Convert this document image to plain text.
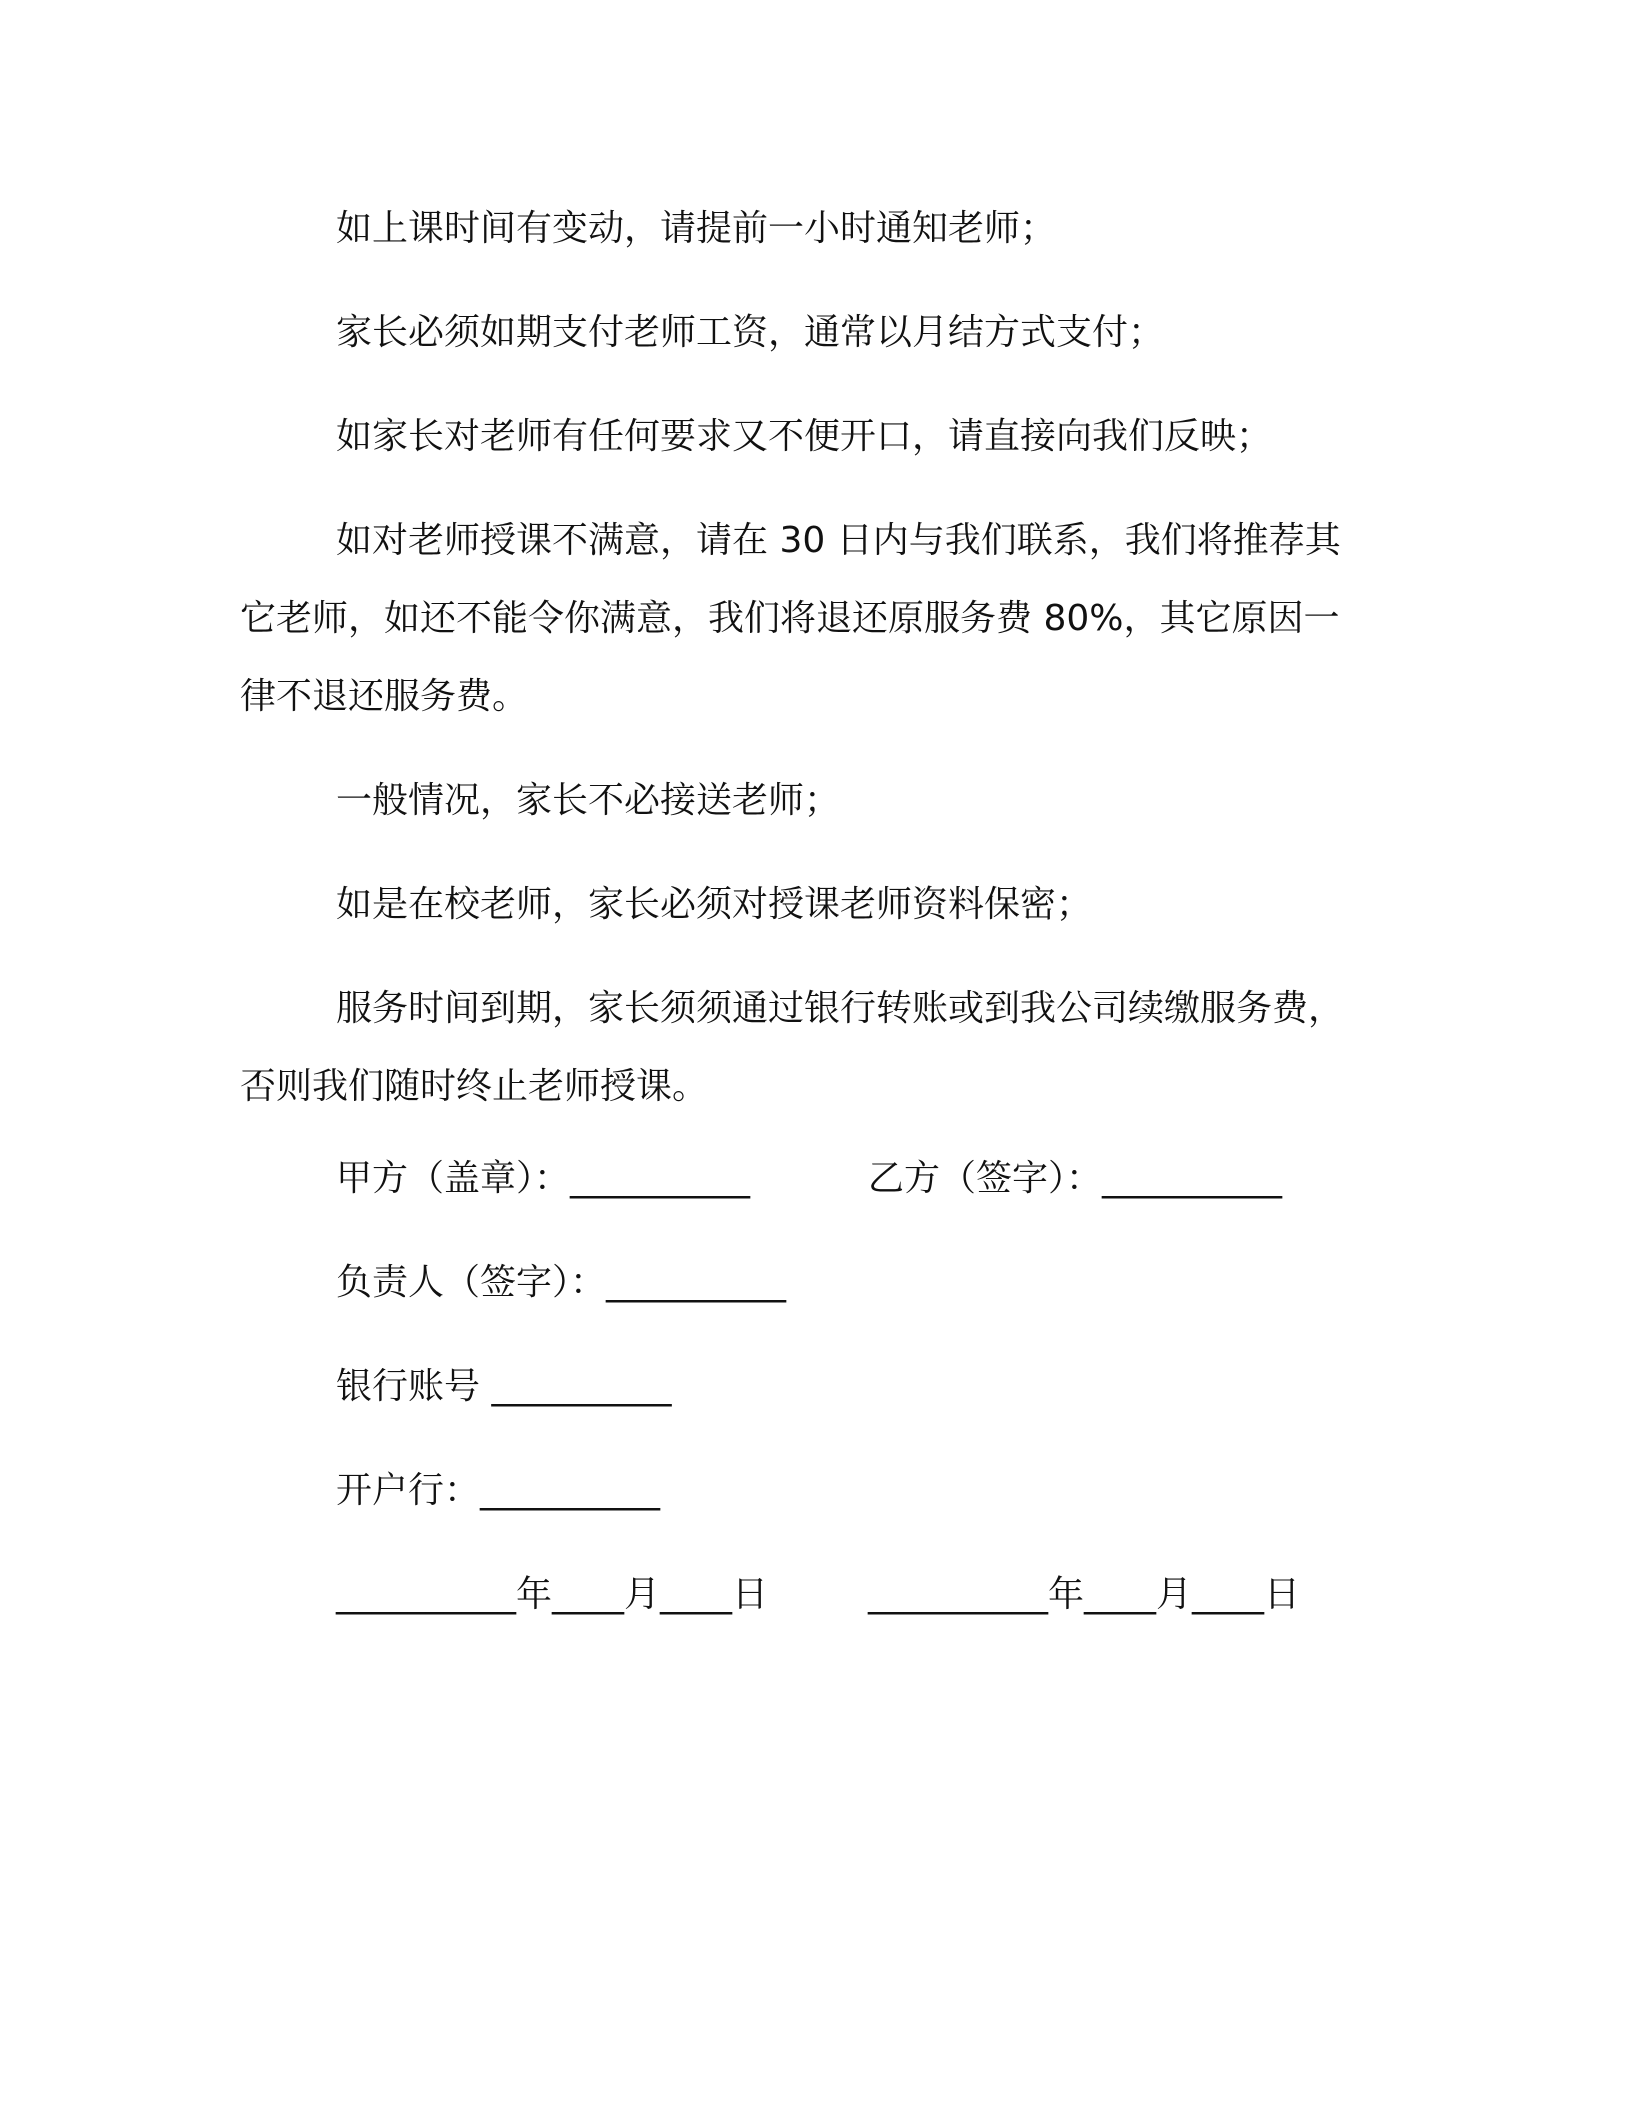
如上课时间有变动，请提前一小时通知老师；

家长必须如期支付老师工资，通常以月结方式支付；

如家长对老师有任何要求又不便开口，请直接向我们反映；

如对老师授课不满意，请在 30 日内与我们联系，我们将推荐其它老师，如还不能令你满意，我们将退还原服务费 80%，其它原因一律不退还服务费。

一般情况，家长不必接送老师；

如是在校老师，家长必须对授课老师资料保密；

服务时间到期，家长须须通过银行转账或到我公司续缴服务费，否则我们随时终止老师授课。

甲方（盖章）：__________	乙方（签字）：__________
负责人（签字）：__________
银行账号 __________
开户行：__________
__________年____月____日	__________年____月____日
